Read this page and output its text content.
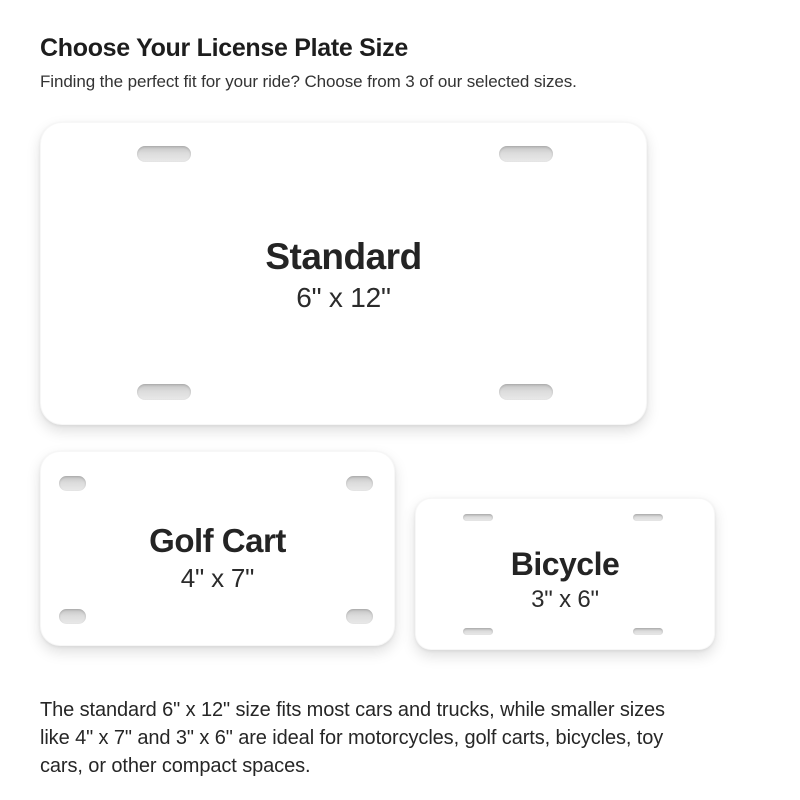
Choose Your License Plate Size

Finding the perfect fit for your ride? Choose from 3 of our selected sizes.

Standard
6" x 12"
Golf Cart
4" x 7"	Bicycle
3" x 6"

The standard 6" x 12" size fits most cars and trucks, while smaller sizes
like 4" x 7" and 3" x 6" are ideal for motorcycles, golf carts, bicycles, toy
cars, or other compact spaces.
